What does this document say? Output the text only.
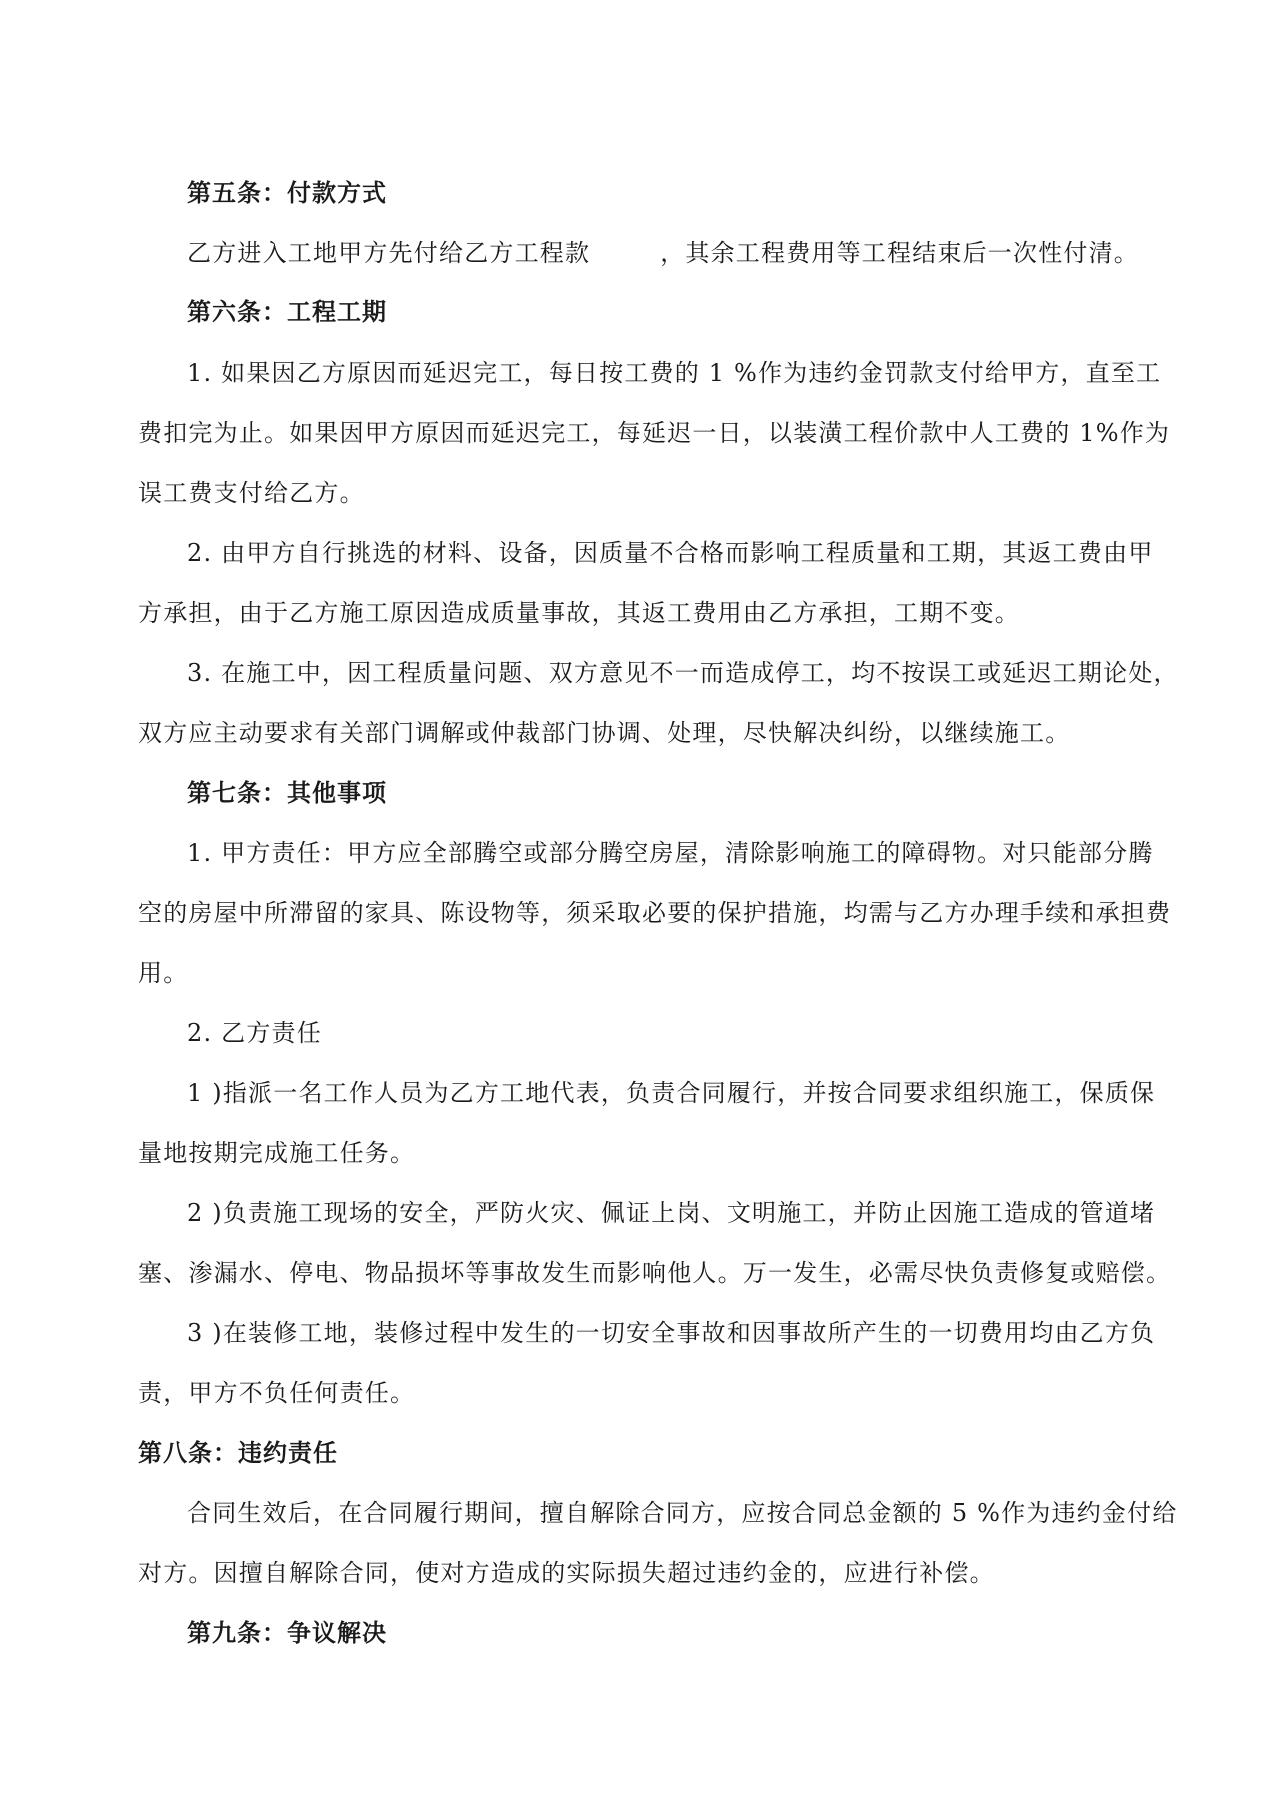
第五条：付款方式
乙方进入工地甲方先付给乙方工程款	，其余工程费用等工程结束后一次性付清。
第六条：工程工期
1. 如果因乙方原因而延迟完工，每日按工费的 1 %作为违约金罚款支付给甲方，直至工
费扣完为止。如果因甲方原因而延迟完工，每延迟一日，以装潢工程价款中人工费的 1%作为
误工费支付给乙方。
2. 由甲方自行挑选的材料、设备，因质量不合格而影响工程质量和工期，其返工费由甲
方承担，由于乙方施工原因造成质量事故，其返工费用由乙方承担，工期不变。
3. 在施工中，因工程质量问题、双方意见不一而造成停工，均不按误工或延迟工期论处，
双方应主动要求有关部门调解或仲裁部门协调、处理，尽快解决纠纷，以继续施工。
第七条：其他事项
1. 甲方责任：甲方应全部腾空或部分腾空房屋，清除影响施工的障碍物。对只能部分腾
空的房屋中所滞留的家具、陈设物等，须采取必要的保护措施，均需与乙方办理手续和承担费
用。
2. 乙方责任
1 )指派一名工作人员为乙方工地代表，负责合同履行，并按合同要求组织施工，保质保
量地按期完成施工任务。
2 )负责施工现场的安全，严防火灾、佩证上岗、文明施工，并防止因施工造成的管道堵
塞、渗漏水、停电、物品损坏等事故发生而影响他人。万一发生，必需尽快负责修复或赔偿。
3 )在装修工地，装修过程中发生的一切安全事故和因事故所产生的一切费用均由乙方负
责，甲方不负任何责任。
第八条：违约责任
合同生效后，在合同履行期间，擅自解除合同方，应按合同总金额的 5 %作为违约金付给
对方。因擅自解除合同，使对方造成的实际损失超过违约金的，应进行补偿。
第九条：争议解决
